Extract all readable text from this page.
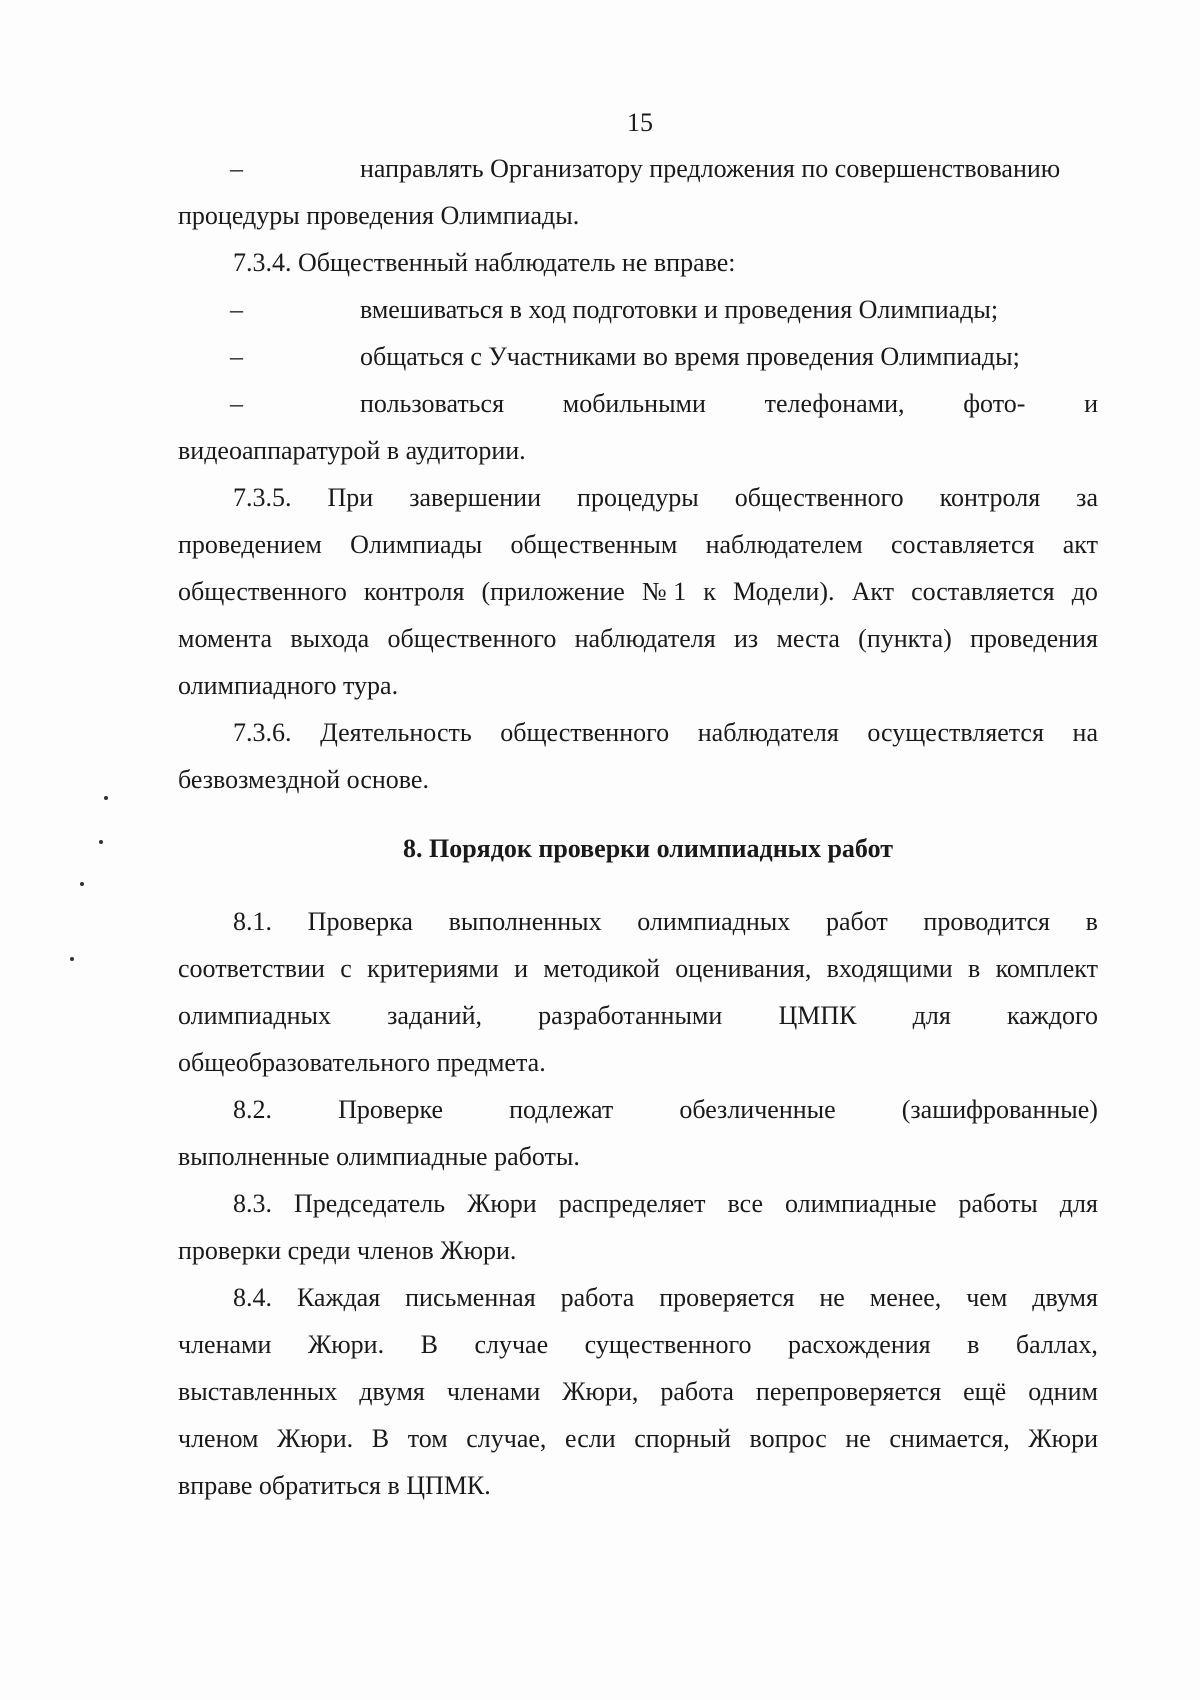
15
–	направлять Организатору предложения по совершенствованию
процедуры проведения Олимпиады.
7.3.4. Общественный наблюдатель не вправе:
–	вмешиваться в ход подготовки и проведения Олимпиады;
–	общаться с Участниками во время проведения Олимпиады;
–	пользоваться мобильными телефонами, фото- и
видеоаппаратурой в аудитории.
7.3.5. При завершении процедуры общественного контроля за
проведением Олимпиады общественным наблюдателем составляется акт
общественного контроля (приложение № 1 к Модели). Акт составляется до
момента выхода общественного наблюдателя из места (пункта) проведения
олимпиадного тура.
7.3.6. Деятельность общественного наблюдателя осуществляется на
безвозмездной основе.
8. Порядок проверки олимпиадных работ
8.1. Проверка выполненных олимпиадных работ проводится в
соответствии с критериями и методикой оценивания, входящими в комплект
олимпиадных заданий, разработанными ЦМПК для каждого
общеобразовательного предмета.
8.2.	Проверке	подлежат	обезличенные	(зашифрованные)
выполненные олимпиадные работы.
8.3. Председатель Жюри распределяет все олимпиадные работы для
проверки среди членов Жюри.
8.4. Каждая письменная работа проверяется не менее, чем двумя
членами Жюри. В случае существенного расхождения в баллах,
выставленных двумя членами Жюри, работа перепроверяется ещё одним
членом Жюри. В том случае, если спорный вопрос не снимается, Жюри
вправе обратиться в ЦПМК.
